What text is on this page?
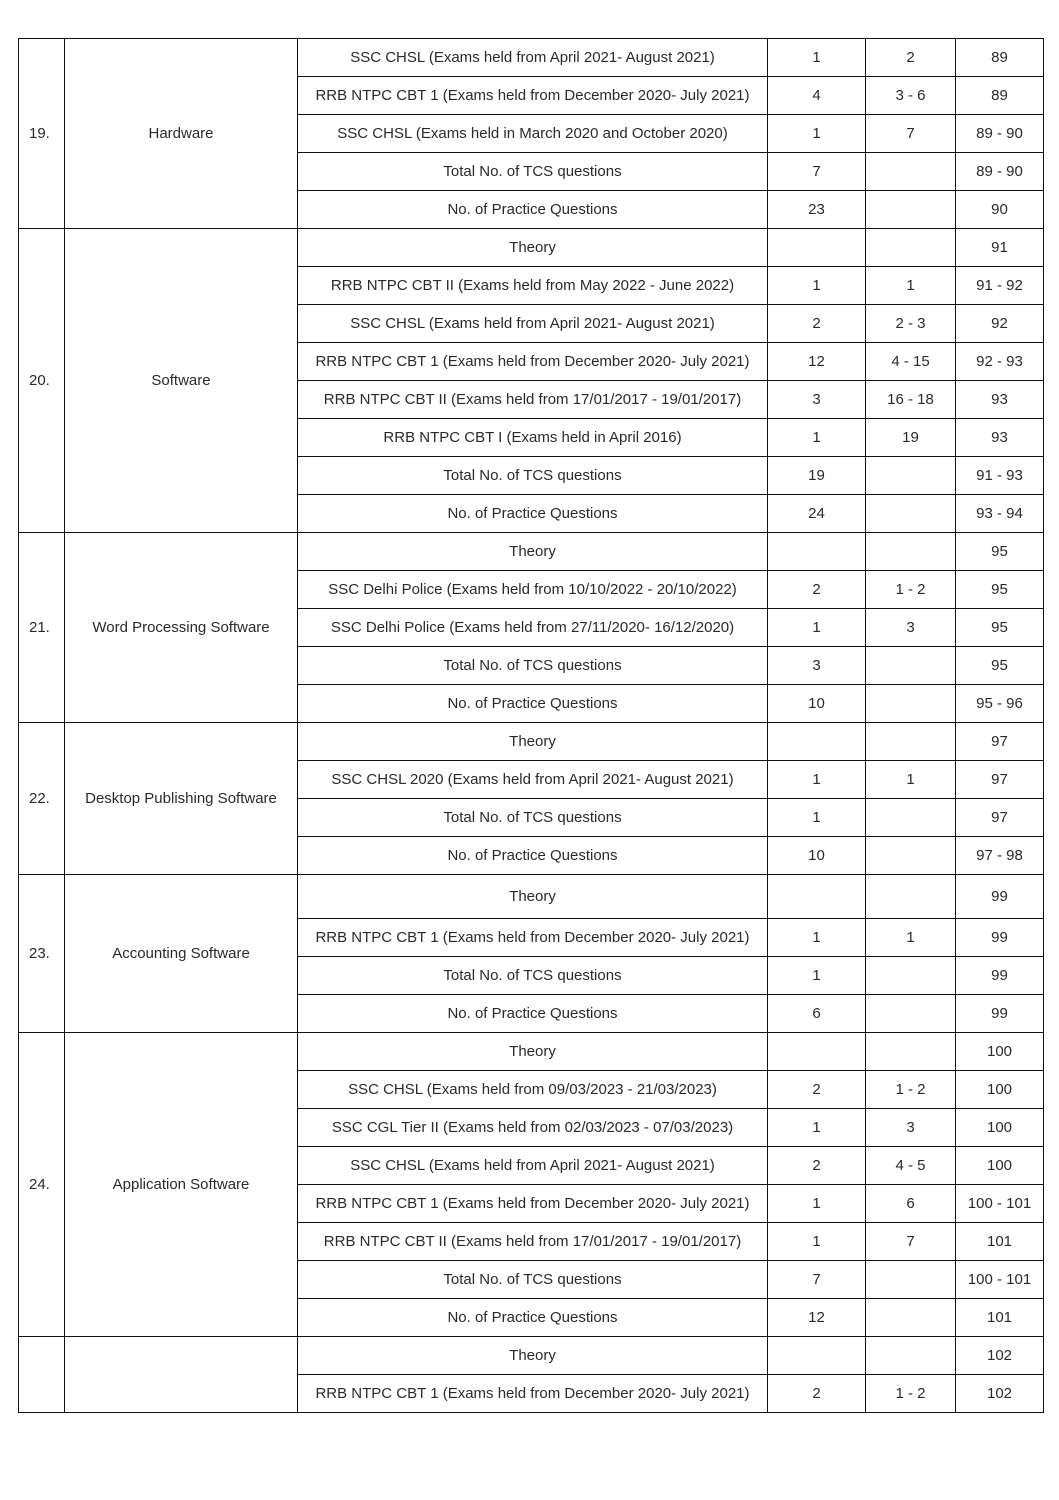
19.	Hardware	SSC CHSL (Exams held from April 2021- August 2021)	1	2	89
		RRB NTPC CBT 1 (Exams held from December 2020- July 2021)	4	3 - 6	89
		SSC CHSL (Exams held in March 2020 and October 2020)	1	7	89 - 90
		Total No. of TCS questions	7		89 - 90
		No. of Practice Questions	23		90
20.	Software	Theory			91
		RRB NTPC CBT II (Exams held from May 2022 - June 2022)	1	1	91 - 92
		SSC CHSL (Exams held from April 2021- August 2021)	2	2 - 3	92
		RRB NTPC CBT 1 (Exams held from December 2020- July 2021)	12	4 - 15	92 - 93
		RRB NTPC CBT II (Exams held from 17/01/2017 - 19/01/2017)	3	16 - 18	93
		RRB NTPC CBT I (Exams held in April 2016)	1	19	93
		Total No. of TCS questions	19		91 - 93
		No. of Practice Questions	24		93 - 94
21.	Word Processing Software	Theory			95
		SSC Delhi Police (Exams held from 10/10/2022 - 20/10/2022)	2	1 - 2	95
		SSC Delhi Police (Exams held from 27/11/2020- 16/12/2020)	1	3	95
		Total No. of TCS questions	3		95
		No. of Practice Questions	10		95 - 96
22.	Desktop Publishing Software	Theory			97
		SSC CHSL 2020 (Exams held from April 2021- August 2021)	1	1	97
		Total No. of TCS questions	1		97
		No. of Practice Questions	10		97 - 98
23.	Accounting Software	Theory			99
		RRB NTPC CBT 1 (Exams held from December 2020- July 2021)	1	1	99
		Total No. of TCS questions	1		99
		No. of Practice Questions	6		99
24.	Application Software	Theory			100
		SSC CHSL (Exams held from 09/03/2023 - 21/03/2023)	2	1 - 2	100
		SSC CGL Tier II (Exams held from 02/03/2023 - 07/03/2023)	1	3	100
		SSC CHSL (Exams held from April 2021- August 2021)	2	4 - 5	100
		RRB NTPC CBT 1 (Exams held from December 2020- July 2021)	1	6	100 - 101
		RRB NTPC CBT II (Exams held from 17/01/2017 - 19/01/2017)	1	7	101
		Total No. of TCS questions	7		100 - 101
		No. of Practice Questions	12		101
		Theory			102
		RRB NTPC CBT 1 (Exams held from December 2020- July 2021)	2	1 - 2	102
